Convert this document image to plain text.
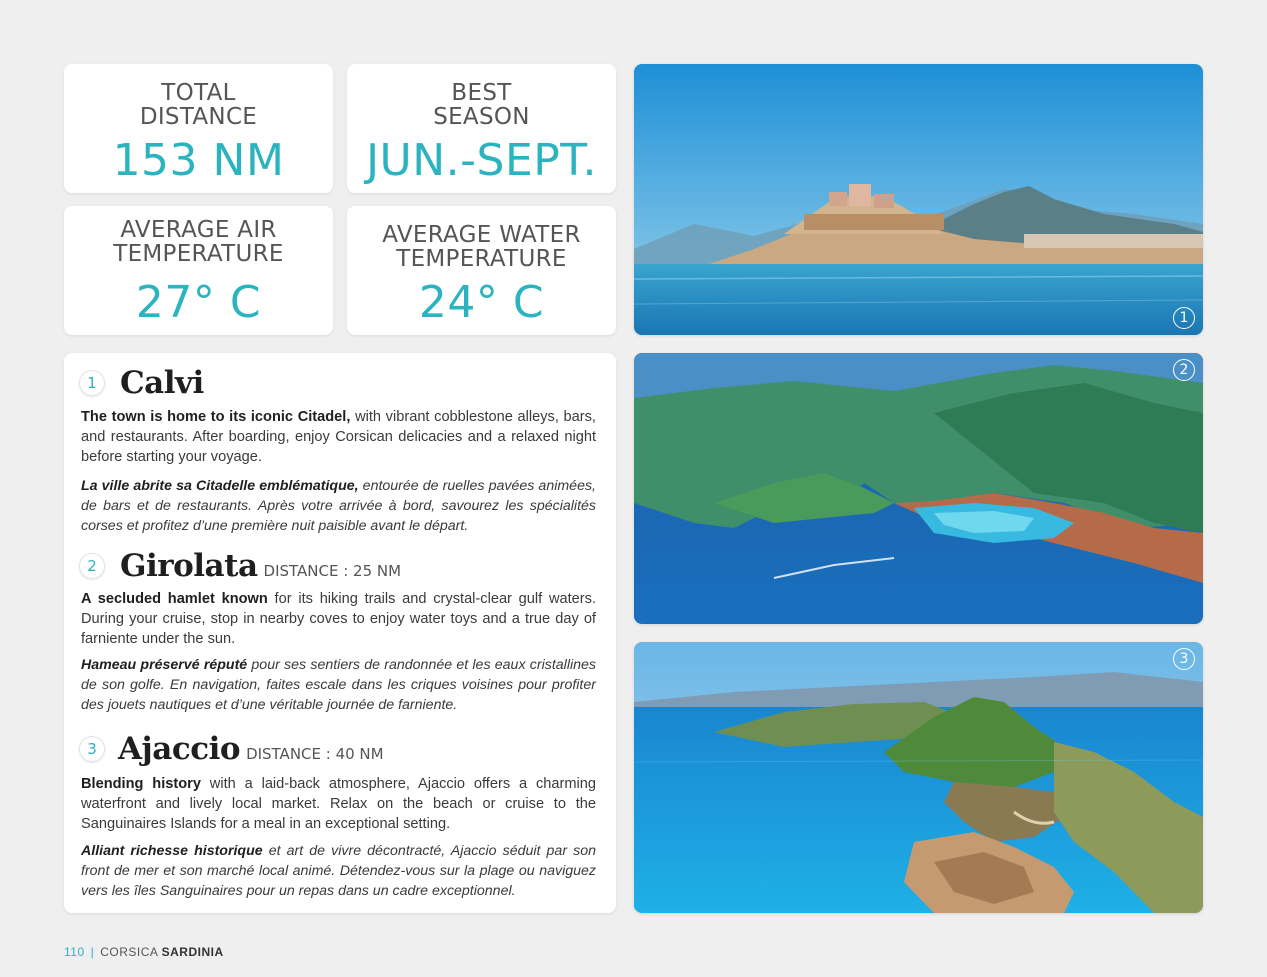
TOTAL
DISTANCE
153 NM
BEST
SEASON
JUN.-SEPT.
AVERAGE AIR
TEMPERATURE
27° C
AVERAGE WATER
TEMPERATURE
24° C
1 Calvi
The town is home to its iconic Citadel, with vibrant cobblestone alleys, bars, and restaurants. After boarding, enjoy Corsican delicacies and a relaxed night before starting your voyage.
La ville abrite sa Citadelle emblématique, entourée de ruelles pavées animées, de bars et de restaurants. Après votre arrivée à bord, savourez les spécialités corses et profitez d’une première nuit paisible avant le départ.
2 Girolata DISTANCE : 25 NM
A secluded hamlet known for its hiking trails and crystal-clear gulf waters. During your cruise, stop in nearby coves to enjoy water toys and a true day of farniente under the sun.
Hameau préservé réputé pour ses sentiers de randonnée et les eaux cristallines de son golfe. En navigation, faites escale dans les criques voisines pour profiter des jouets nautiques et d’une véritable journée de farniente.
3 Ajaccio DISTANCE : 40 NM
Blending history with a laid-back atmosphere, Ajaccio offers a charming waterfront and lively local market. Relax on the beach or cruise to the Sanguinaires Islands for a meal in an exceptional setting.
Alliant richesse historique et art de vivre décontracté, Ajaccio séduit par son front de mer et son marché local animé. Détendez-vous sur la plage ou naviguez vers les îles Sanguinaires pour un repas dans un cadre exceptionnel.
1
2
3
110 | CORSICA SARDINIA
